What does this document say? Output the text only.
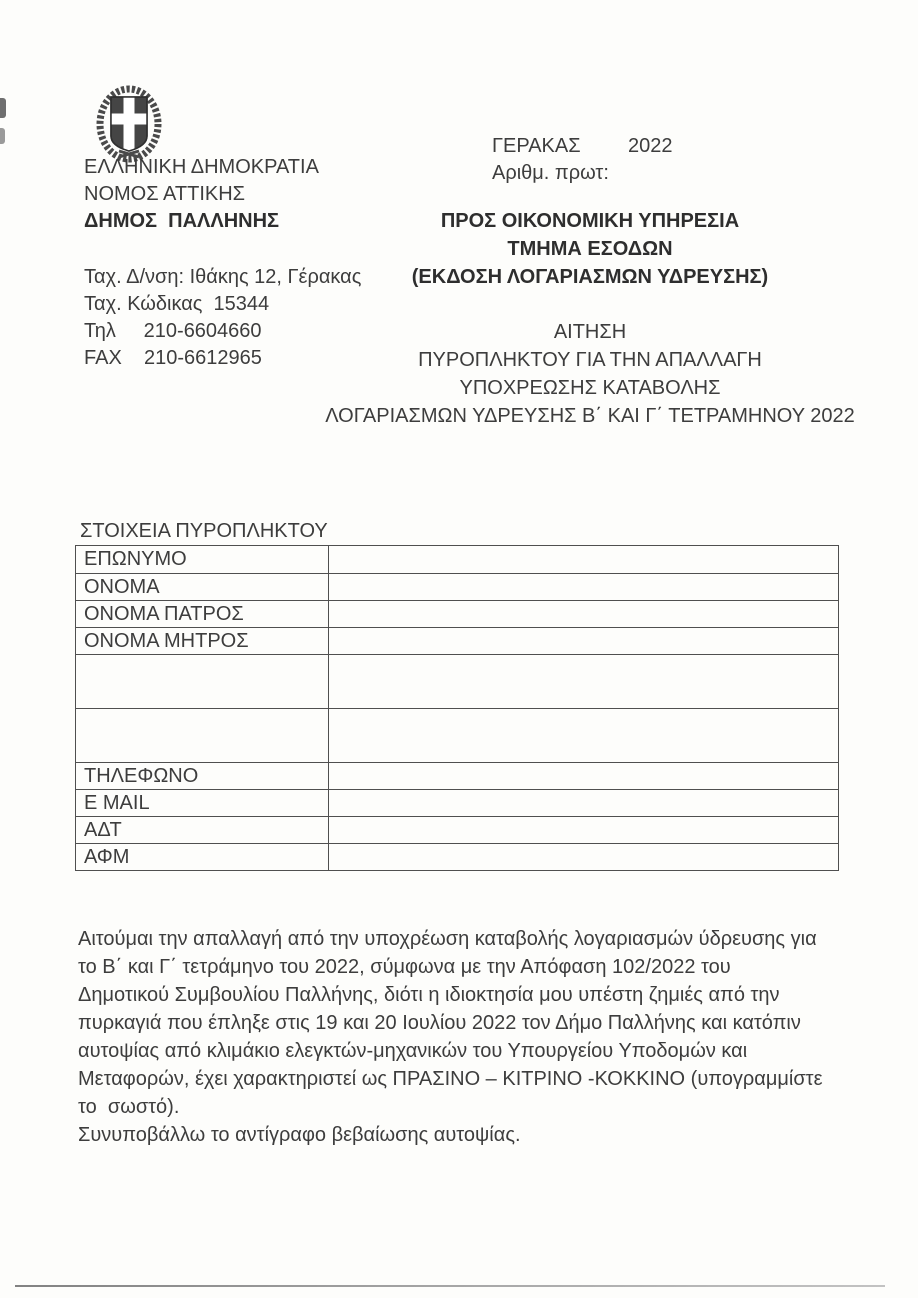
ΕΛΛΗΝΙΚΗ ΔΗΜΟΚΡΑΤΙΑ
ΝΟΜΟΣ ΑΤΤΙΚΗΣ
ΔΗΜΟΣ  ΠΑΛΛΗΝΗΣ
Ταχ. Δ/νση: Ιθάκης 12, Γέρακας
Ταχ. Κώδικας  15344
Τηλ     210-6604660
FAX    210-6612965
ΓΕΡΑΚΑΣ 2022
Αριθμ. πρωτ:
ΠΡΟΣ ΟΙΚΟΝΟΜΙΚΗ ΥΠΗΡΕΣΙΑ
ΤΜΗΜΑ ΕΣΟΔΩΝ
(ΕΚΔΟΣΗ ΛΟΓΑΡΙΑΣΜΩΝ ΥΔΡΕΥΣΗΣ)
ΑΙΤΗΣΗ
ΠΥΡΟΠΛΗΚΤΟΥ ΓΙΑ ΤΗΝ ΑΠΑΛΛΑΓΗ
ΥΠΟΧΡΕΩΣΗΣ ΚΑΤΑΒΟΛΗΣ
ΛΟΓΑΡΙΑΣΜΩΝ ΥΔΡΕΥΣΗΣ Β΄ ΚΑΙ Γ΄ ΤΕΤΡΑΜΗΝΟΥ 2022
ΣΤΟΙΧΕΙΑ ΠΥΡΟΠΛΗΚΤΟΥ
ΕΠΩΝΥΜΟ
ΟΝΟΜΑ
ΟΝΟΜΑ ΠΑΤΡΟΣ
ΟΝΟΜΑ ΜΗΤΡΟΣ

ΤΗΛΕΦΩΝΟ
E MAIL
ΑΔΤ
ΑΦΜ
Αιτούμαι την απαλλαγή από την υποχρέωση καταβολής λογαριασμών ύδρευσης για
το Β΄ και Γ΄ τετράμηνο του 2022, σύμφωνα με την Απόφαση 102/2022 του
Δημοτικού Συμβουλίου Παλλήνης, διότι η ιδιοκτησία μου υπέστη ζημιές από την
πυρκαγιά που έπληξε στις 19 και 20 Ιουλίου 2022 τον Δήμο Παλλήνης και κατόπιν
αυτοψίας από κλιμάκιο ελεγκτών-μηχανικών του Υπουργείου Υποδομών και
Μεταφορών, έχει χαρακτηριστεί ως ΠΡΑΣΙΝΟ – ΚΙΤΡΙΝΟ -ΚΟΚΚΙΝΟ (υπογραμμίστε
το  σωστό).
Συνυποβάλλω το αντίγραφο βεβαίωσης αυτοψίας.
